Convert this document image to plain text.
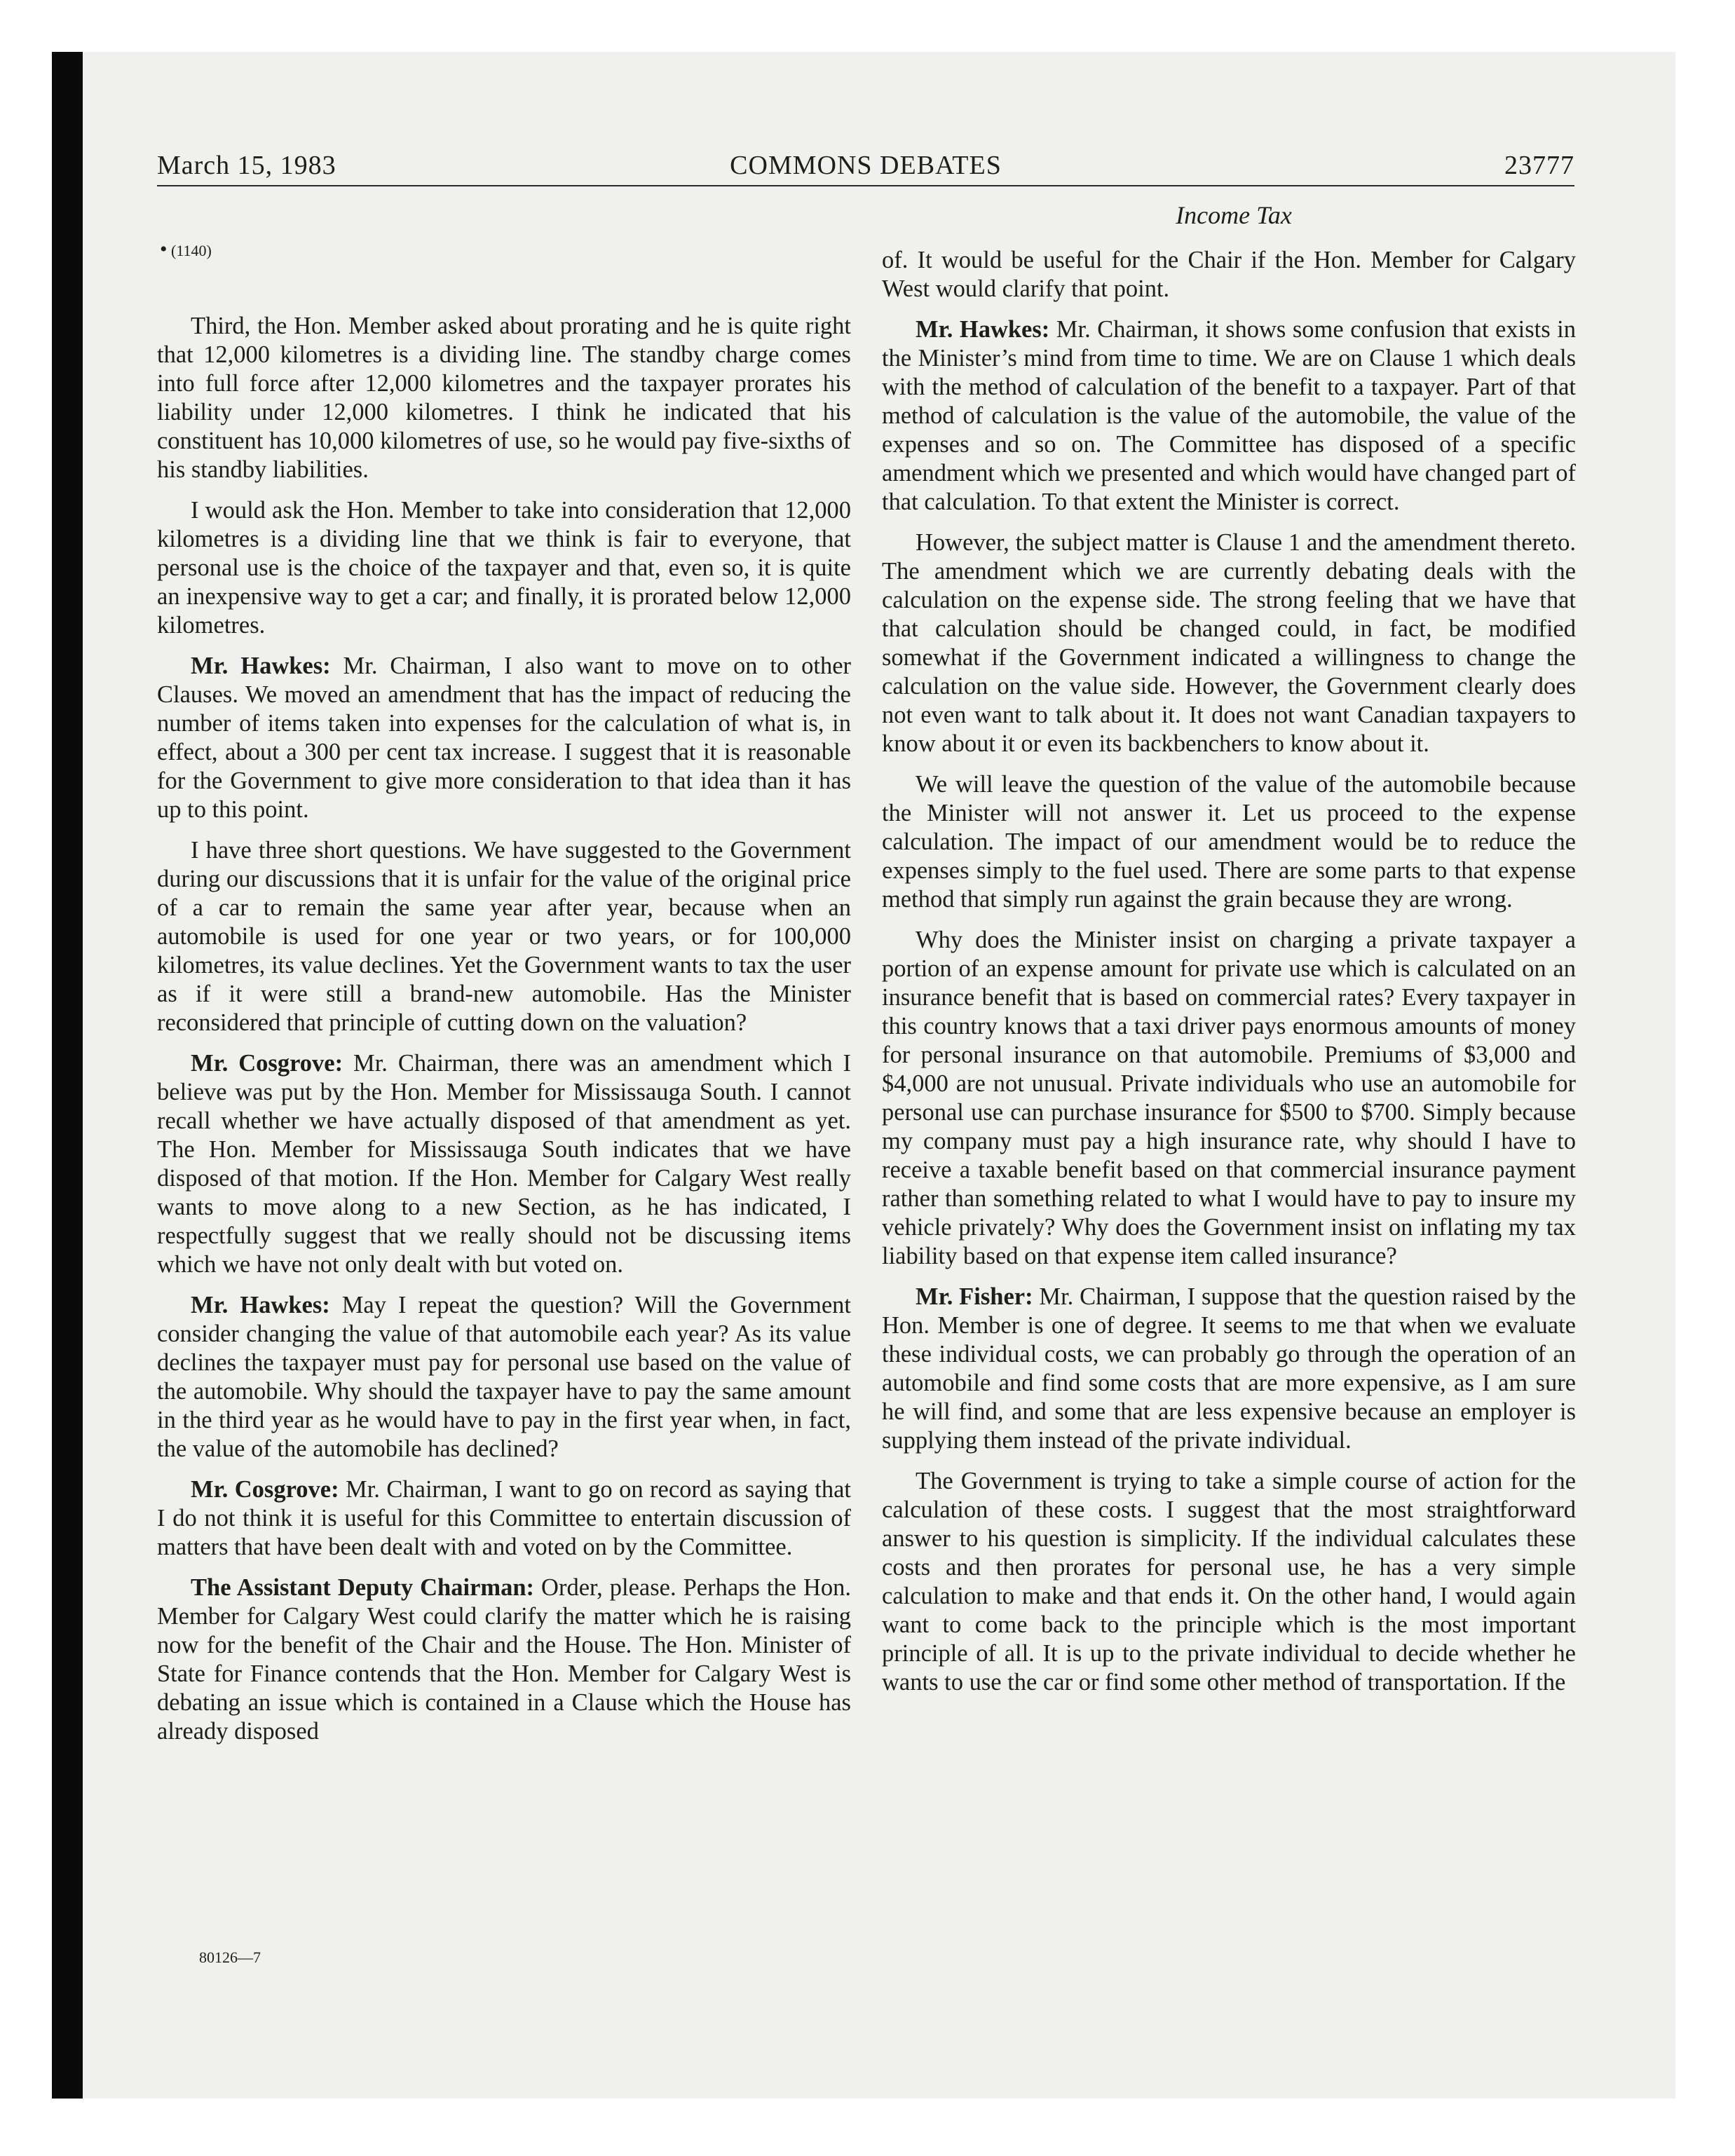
March 15, 1983	COMMONS DEBATES	23777
Income Tax
• (1140)

Third, the Hon. Member asked about prorating and he is quite right that 12,000 kilometres is a dividing line. The standby charge comes into full force after 12,000 kilometres and the taxpayer prorates his liability under 12,000 kilometres. I think he indicated that his constituent has 10,000 kilometres of use, so he would pay five-sixths of his standby liabilities.

I would ask the Hon. Member to take into consideration that 12,000 kilometres is a dividing line that we think is fair to everyone, that personal use is the choice of the taxpayer and that, even so, it is quite an inexpensive way to get a car; and finally, it is prorated below 12,000 kilometres.

Mr. Hawkes: Mr. Chairman, I also want to move on to other Clauses. We moved an amendment that has the impact of reducing the number of items taken into expenses for the calculation of what is, in effect, about a 300 per cent tax increase. I suggest that it is reasonable for the Government to give more consideration to that idea than it has up to this point.

I have three short questions. We have suggested to the Government during our discussions that it is unfair for the value of the original price of a car to remain the same year after year, because when an automobile is used for one year or two years, or for 100,000 kilometres, its value declines. Yet the Government wants to tax the user as if it were still a brand-new automobile. Has the Minister reconsidered that principle of cutting down on the valuation?

Mr. Cosgrove: Mr. Chairman, there was an amendment which I believe was put by the Hon. Member for Mississauga South. I cannot recall whether we have actually disposed of that amendment as yet. The Hon. Member for Mississauga South indicates that we have disposed of that motion. If the Hon. Member for Calgary West really wants to move along to a new Section, as he has indicated, I respectfully suggest that we really should not be discussing items which we have not only dealt with but voted on.

Mr. Hawkes: May I repeat the question? Will the Government consider changing the value of that automobile each year? As its value declines the taxpayer must pay for personal use based on the value of the automobile. Why should the taxpayer have to pay the same amount in the third year as he would have to pay in the first year when, in fact, the value of the automobile has declined?

Mr. Cosgrove: Mr. Chairman, I want to go on record as saying that I do not think it is useful for this Committee to entertain discussion of matters that have been dealt with and voted on by the Committee.

The Assistant Deputy Chairman: Order, please. Perhaps the Hon. Member for Calgary West could clarify the matter which he is raising now for the benefit of the Chair and the House. The Hon. Minister of State for Finance contends that the Hon. Member for Calgary West is debating an issue which is contained in a Clause which the House has already disposed

of. It would be useful for the Chair if the Hon. Member for Calgary West would clarify that point.

Mr. Hawkes: Mr. Chairman, it shows some confusion that exists in the Minister’s mind from time to time. We are on Clause 1 which deals with the method of calculation of the benefit to a taxpayer. Part of that method of calculation is the value of the automobile, the value of the expenses and so on. The Committee has disposed of a specific amendment which we presented and which would have changed part of that calculation. To that extent the Minister is correct.

However, the subject matter is Clause 1 and the amendment thereto. The amendment which we are currently debating deals with the calculation on the expense side. The strong feeling that we have that that calculation should be changed could, in fact, be modified somewhat if the Government indicated a willingness to change the calculation on the value side. However, the Government clearly does not even want to talk about it. It does not want Canadian taxpayers to know about it or even its backbenchers to know about it.

We will leave the question of the value of the automobile because the Minister will not answer it. Let us proceed to the expense calculation. The impact of our amendment would be to reduce the expenses simply to the fuel used. There are some parts to that expense method that simply run against the grain because they are wrong.

Why does the Minister insist on charging a private taxpayer a portion of an expense amount for private use which is calculated on an insurance benefit that is based on commercial rates? Every taxpayer in this country knows that a taxi driver pays enormous amounts of money for personal insurance on that automobile. Premiums of $3,000 and $4,000 are not unusual. Private individuals who use an automobile for personal use can purchase insurance for $500 to $700. Simply because my company must pay a high insurance rate, why should I have to receive a taxable benefit based on that commercial insurance payment rather than something related to what I would have to pay to insure my vehicle privately? Why does the Government insist on inflating my tax liability based on that expense item called insurance?

Mr. Fisher: Mr. Chairman, I suppose that the question raised by the Hon. Member is one of degree. It seems to me that when we evaluate these individual costs, we can probably go through the operation of an automobile and find some costs that are more expensive, as I am sure he will find, and some that are less expensive because an employer is supplying them instead of the private individual.

The Government is trying to take a simple course of action for the calculation of these costs. I suggest that the most straightforward answer to his question is simplicity. If the individual calculates these costs and then prorates for personal use, he has a very simple calculation to make and that ends it. On the other hand, I would again want to come back to the principle which is the most important principle of all. It is up to the private individual to decide whether he wants to use the car or find some other method of transportation. If the

80126—7
